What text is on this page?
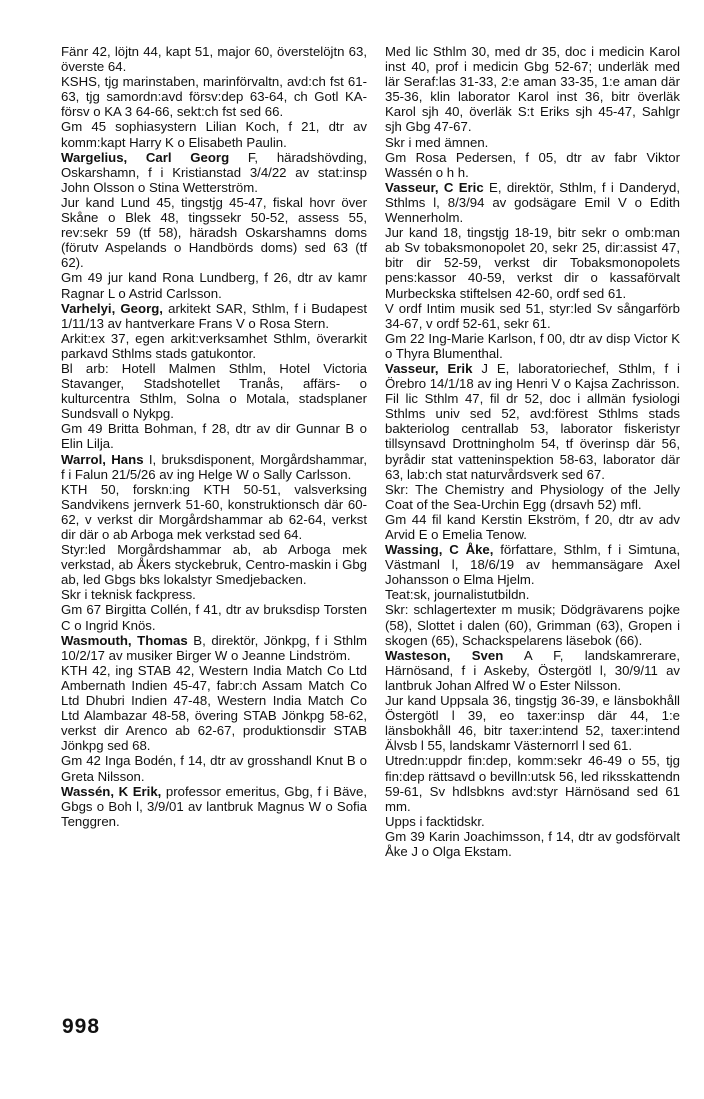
Fänr 42, löjtn 44, kapt 51, major 60, överstelöjtn 63, överste 64.

KSHS, tjg marinstaben, marinförvaltn, avd:ch fst 61-63, tjg samordn:avd försv:dep 63-64, ch Gotl KA-försv o KA 3 64-66, sekt:ch fst sed 66.

Gm 45 sophiasystern Lilian Koch, f 21, dtr av komm:kapt Harry K o Elisabeth Paulin.

Wargelius, Carl Georg F, häradshövding, Oskarshamn, f i Kristianstad 3/4/22 av stat:insp John Olsson o Stina Wetterström.

Jur kand Lund 45, tingstjg 45-47, fiskal hovr över Skåne o Blek 48, tingssekr 50-52, assess 55, rev:sekr 59 (tf 58), häradsh Oskarshamns doms (förutv Aspelands o Handbörds doms) sed 63 (tf 62).

Gm 49 jur kand Rona Lundberg, f 26, dtr av kamr Ragnar L o Astrid Carlsson.

Varhelyi, Georg, arkitekt SAR, Sthlm, f i Budapest 1/11/13 av hantverkare Frans V o Rosa Stern.

Arkit:ex 37, egen arkit:verksamhet Sthlm, överarkit parkavd Sthlms stads gatukontor.

Bl arb: Hotell Malmen Sthlm, Hotel Victoria Stavanger, Stadshotellet Tranås, affärs- o kulturcentra Sthlm, Solna o Motala, stadsplaner Sundsvall o Nykpg.

Gm 49 Britta Bohman, f 28, dtr av dir Gunnar B o Elin Lilja.

Warrol, Hans I, bruksdisponent, Morgårdshammar, f i Falun 21/5/26 av ing Helge W o Sally Carlsson.

KTH 50, forskn:ing KTH 50-51, valsverksing Sandvikens jernverk 51-60, konstruktionsch där 60-62, v verkst dir Morgårdshammar ab 62-64, verkst dir där o ab Arboga mek verkstad sed 64.

Styr:led Morgårdshammar ab, ab Arboga mek verkstad, ab Åkers styckebruk, Centro-maskin i Gbg ab, led Gbgs bks lokalstyr Smedjebacken.

Skr i teknisk fackpress.

Gm 67 Birgitta Collén, f 41, dtr av bruksdisp Torsten C o Ingrid Knös.

Wasmouth, Thomas B, direktör, Jönkpg, f i Sthlm 10/2/17 av musiker Birger W o Jeanne Lindström.

KTH 42, ing STAB 42, Western India Match Co Ltd Ambernath Indien 45-47, fabr:ch Assam Match Co Ltd Dhubri Indien 47-48, Western India Match Co Ltd Alambazar 48-58, övering STAB Jönkpg 58-62, verkst dir Arenco ab 62-67, produktionsdir STAB Jönkpg sed 68.

Gm 42 Inga Bodén, f 14, dtr av grosshandl Knut B o Greta Nilsson.

Wassén, K Erik, professor emeritus, Gbg, f i Bäve, Gbgs o Boh l, 3/9/01 av lantbruk Magnus W o Sofia Tenggren.

Med lic Sthlm 30, med dr 35, doc i medicin Karol inst 40, prof i medicin Gbg 52-67; underläk med lär Seraf:las 31-33, 2:e aman 33-35, 1:e aman där 35-36, klin laborator Karol inst 36, bitr överläk Karol sjh 40, överläk S:t Eriks sjh 45-47, Sahlgr sjh Gbg 47-67.

Skr i med ämnen.

Gm Rosa Pedersen, f 05, dtr av fabr Viktor Wassén o h h.

Vasseur, C Eric E, direktör, Sthlm, f i Danderyd, Sthlms l, 8/3/94 av godsägare Emil V o Edith Wennerholm.

Jur kand 18, tingstjg 18-19, bitr sekr o omb:man ab Sv tobaksmonopolet 20, sekr 25, dir:assist 47, bitr dir 52-59, verkst dir Tobaksmonopolets pens:kassor 40-59, verkst dir o kassaförvalt Murbeckska stiftelsen 42-60, ordf sed 61.

V ordf Intim musik sed 51, styr:led Sv sångarförb 34-67, v ordf 52-61, sekr 61.

Gm 22 Ing-Marie Karlson, f 00, dtr av disp Victor K o Thyra Blumenthal.

Vasseur, Erik J E, laboratoriechef, Sthlm, f i Örebro 14/1/18 av ing Henri V o Kajsa Zachrisson.

Fil lic Sthlm 47, fil dr 52, doc i allmän fysiologi Sthlms univ sed 52, avd:förest Sthlms stads bakteriolog centrallab 53, laborator fiskeristyr tillsynsavd Drottningholm 54, tf överinsp där 56, byrådir stat vatteninspektion 58-63, laborator där 63, lab:ch stat naturvårdsverk sed 67.

Skr: The Chemistry and Physiology of the Jelly Coat of the Sea-Urchin Egg (drsavh 52) mfl.

Gm 44 fil kand Kerstin Ekström, f 20, dtr av adv Arvid E o Emelia Tenow.

Wassing, C Åke, författare, Sthlm, f i Simtuna, Västmanl l, 18/6/19 av hemmansägare Axel Johansson o Elma Hjelm.

Teat:sk, journalistutbildn.

Skr: schlagertexter m musik; Dödgrävarens pojke (58), Slottet i dalen (60), Grimman (63), Gropen i skogen (65), Schackspelarens läsebok (66).

Wasteson, Sven A F, landskamrerare, Härnösand, f i Askeby, Östergötl l, 30/9/11 av lantbruk Johan Alfred W o Ester Nilsson.

Jur kand Uppsala 36, tingstjg 36-39, e länsbokhåll Östergötl l 39, eo taxer:insp där 44, 1:e länsbokhåll 46, bitr taxer:intend 52, taxer:intend Älvsb l 55, landskamr Västernorrl l sed 61.

Utredn:uppdr fin:dep, komm:sekr 46-49 o 55, tjg fin:dep rättsavd o bevilln:utsk 56, led riksskattendn 59-61, Sv hdlsbkns avd:styr Härnösand sed 61 mm.

Upps i facktidskr.

Gm 39 Karin Joachimsson, f 14, dtr av godsförvalt Åke J o Olga Ekstam.

998
